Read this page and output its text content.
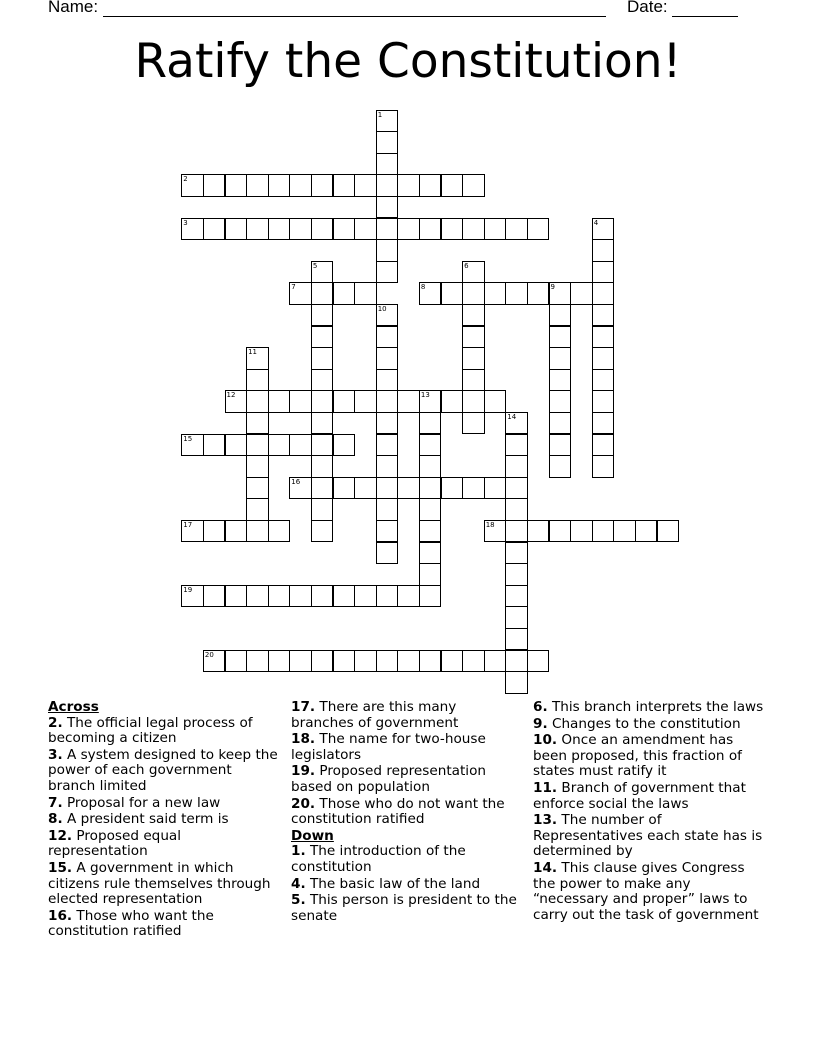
Name:	Date:
Ratify the Constitution!
1
2
3	4
5	6
7	8	9
10
11
12	13
14
15
16
17	18
19
20
Across
2. The official legal process of becoming a citizen
3. A system designed to keep the power of each government branch limited
7. Proposal for a new law
8. A president said term is
12. Proposed equal representation
15. A government in which citizens rule themselves through elected representation
16. Those who want the constitution ratified
17. There are this many branches of government
18. The name for two-house legislators
19. Proposed representation based on population
20. Those who do not want the constitution ratified
Down
1. The introduction of the constitution
4. The basic law of the land
5. This person is president to the senate
6. This branch interprets the laws
9. Changes to the constitution
10. Once an amendment has been proposed, this fraction of states must ratify it
11. Branch of government that enforce social the laws
13. The number of Representatives each state has is determined by
14. This clause gives Congress the power to make any “necessary and proper” laws to carry out the task of government
